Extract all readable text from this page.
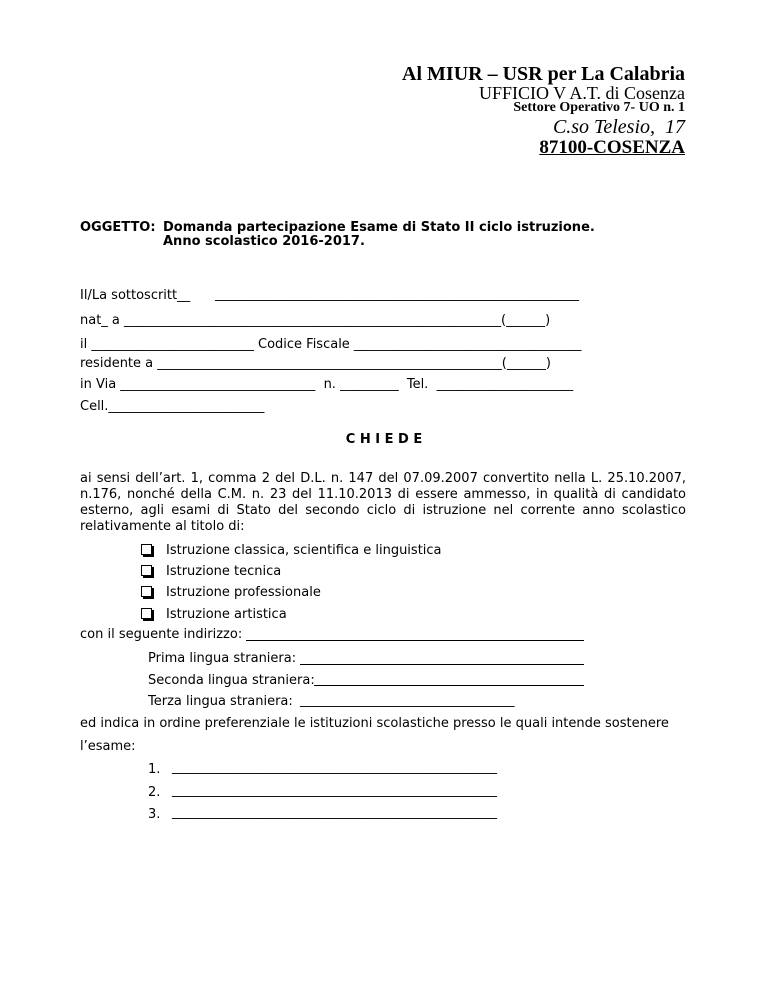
Al MIUR – USR per La Calabria
UFFICIO V A.T. di Cosenza
Settore Operativo 7- UO n. 1
C.so Telesio,  17
87100-COSENZA
OGGETTO: Domanda partecipazione Esame di Stato II ciclo istruzione.
Anno scolastico 2016-2017.
Il/La sottoscritt__ ________________________________________________________
nat_ a __________________________________________________________(______)
il _________________________ Codice Fiscale ___________________________________
residente a _____________________________________________________(______)
in Via ______________________________  n. _________  Tel.  _____________________
Cell.________________________
C H I E D E
ai sensi dell’art. 1, comma 2 del D.L. n. 147 del 07.09.2007 convertito nella L. 25.10.2007, n.176, nonché della C.M. n. 23 del 11.10.2013 di essere ammesso, in qualità di candidato esterno, agli esami di Stato del secondo ciclo di istruzione nel corrente anno scolastico relativamente al titolo di:
Istruzione classica, scientifica e linguistica
Istruzione tecnica
Istruzione professionale
Istruzione artistica
con il seguente indirizzo:
Prima lingua straniera:
Seconda lingua straniera:
Terza lingua straniera: _________________________________
ed indica in ordine preferenziale le istituzioni scolastiche presso le quali intende sostenere
l’esame:
1. __________________________________________________
2. __________________________________________________
3. __________________________________________________
